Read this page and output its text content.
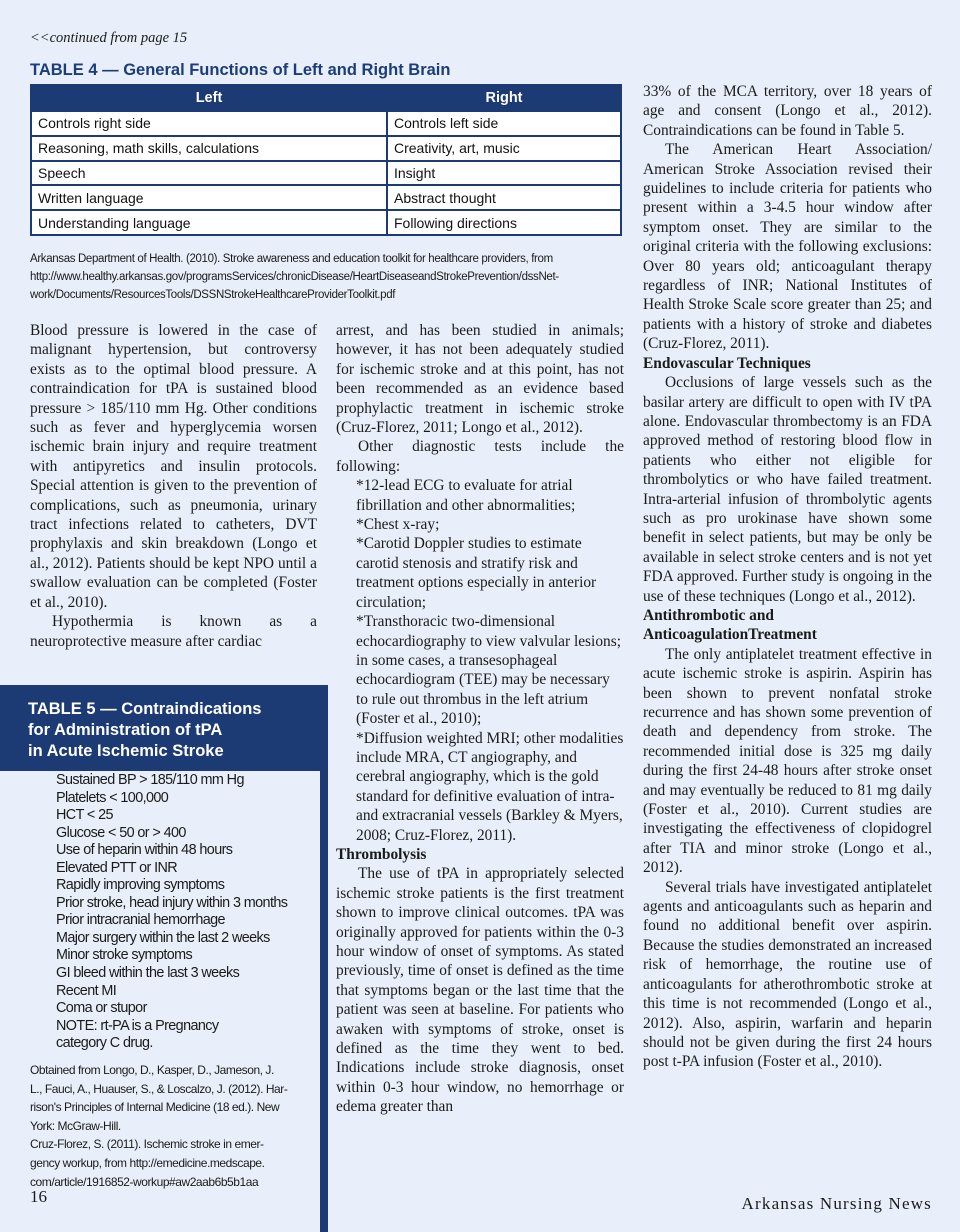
<<continued from page 15
TABLE 4 — General Functions of Left and Right Brain
Left	Right
Controls right side	Controls left side
Reasoning, math skills, calculations	Creativity, art, music
Speech	Insight
Written language	Abstract thought
Understanding language	Following directions
Arkansas Department of Health. (2010). Stroke awareness and education toolkit for healthcare providers, from
http://www.healthy.arkansas.gov/programsServices/chronicDisease/HeartDiseaseandStrokePrevention/dssNet-
work/Documents/ResourcesTools/DSSNStrokeHealthcareProviderToolkit.pdf

Blood pressure is lowered in the case of malignant hypertension, but controversy exists as to the optimal blood pressure. A contraindication for tPA is sustained blood pressure > 185/110 mm Hg. Other conditions such as fever and hyperglycemia worsen ischemic brain injury and require treatment with antipyretics and insulin protocols. Special attention is given to the prevention of complications, such as pneumonia, urinary tract infections related to catheters, DVT prophylaxis and skin breakdown (Longo et al., 2012). Patients should be kept NPO until a swallow evaluation can be completed (Foster et al., 2010).

Hypothermia is known as a neuroprotective measure after cardiac

TABLE 5 — Contraindications
for Administration of tPA
in Acute Ischemic Stroke
Sustained BP > 185/110 mm Hg
Platelets < 100,000
HCT < 25
Glucose < 50 or > 400
Use of heparin within 48 hours
Elevated PTT or INR
Rapidly improving symptoms
Prior stroke, head injury within 3 months
Prior intracranial hemorrhage
Major surgery within the last 2 weeks
Minor stroke symptoms
GI bleed within the last 3 weeks
Recent MI
Coma or stupor
NOTE: rt-PA is a Pregnancy
category C drug.
Obtained from Longo, D., Kasper, D., Jameson, J.
L., Fauci, A., Huauser, S., & Loscalzo, J. (2012). Har-
rison's Principles of Internal Medicine (18 ed.). New
York: McGraw-Hill.
Cruz-Florez, S. (2011). Ischemic stroke in emer-
gency workup, from http://emedicine.medscape.
com/article/1916852-workup#aw2aab6b5b1aa

arrest, and has been studied in animals; however, it has not been adequately studied for ischemic stroke and at this point, has not been recommended as an evidence based prophylactic treatment in ischemic stroke (Cruz-Florez, 2011; Longo et al., 2012).

Other diagnostic tests include the following:

*12-lead ECG to evaluate for atrial fibrillation and other abnormalities;

*Chest x-ray;

*Carotid Doppler studies to estimate carotid stenosis and stratify risk and treatment options especially in anterior circulation;

*Transthoracic two-dimensional echocardiography to view valvular lesions; in some cases, a transesophageal echocardiogram (TEE) may be necessary to rule out thrombus in the left atrium (Foster et al., 2010);

*Diffusion weighted MRI; other modalities include MRA, CT angiography, and cerebral angiography, which is the gold standard for definitive evaluation of intra- and extracranial vessels (Barkley & Myers, 2008; Cruz-Florez, 2011).

Thrombolysis

The use of tPA in appropriately selected ischemic stroke patients is the first treatment shown to improve clinical outcomes. tPA was originally approved for patients within the 0-3 hour window of onset of symptoms. As stated previously, time of onset is defined as the time that symptoms began or the last time that the patient was seen at baseline. For patients who awaken with symptoms of stroke, onset is defined as the time they went to bed. Indications include stroke diagnosis, onset within 0-3 hour window, no hemorrhage or edema greater than

33% of the MCA territory, over 18 years of age and consent (Longo et al., 2012). Contraindications can be found in Table 5.

The American Heart Association/ American Stroke Association revised their guidelines to include criteria for patients who present within a 3-4.5 hour window after symptom onset. They are similar to the original criteria with the following exclusions: Over 80 years old; anticoagulant therapy regardless of INR; National Institutes of Health Stroke Scale score greater than 25; and patients with a history of stroke and diabetes (Cruz-Florez, 2011).

Endovascular Techniques

Occlusions of large vessels such as the basilar artery are difficult to open with IV tPA alone. Endovascular thrombectomy is an FDA approved method of restoring blood flow in patients who either not eligible for thrombolytics or who have failed treatment. Intra-arterial infusion of thrombolytic agents such as pro urokinase have shown some benefit in select patients, but may be only be available in select stroke centers and is not yet FDA approved. Further study is ongoing in the use of these techniques (Longo et al., 2012).

Antithrombotic and

AnticoagulationTreatment

The only antiplatelet treatment effective in acute ischemic stroke is aspirin. Aspirin has been shown to prevent nonfatal stroke recurrence and has shown some prevention of death and dependency from stroke. The recommended initial dose is 325 mg daily during the first 24-48 hours after stroke onset and may eventually be reduced to 81 mg daily (Foster et al., 2010). Current studies are investigating the effectiveness of clopidogrel after TIA and minor stroke (Longo et al., 2012).

Several trials have investigated antiplatelet agents and anticoagulants such as heparin and found no additional benefit over aspirin. Because the studies demonstrated an increased risk of hemorrhage, the routine use of anticoagulants for atherothrombotic stroke at this time is not recommended (Longo et al., 2012). Also, aspirin, warfarin and heparin should not be given during the first 24 hours post t-PA infusion (Foster et al., 2010).

16	Arkansas Nursing News
